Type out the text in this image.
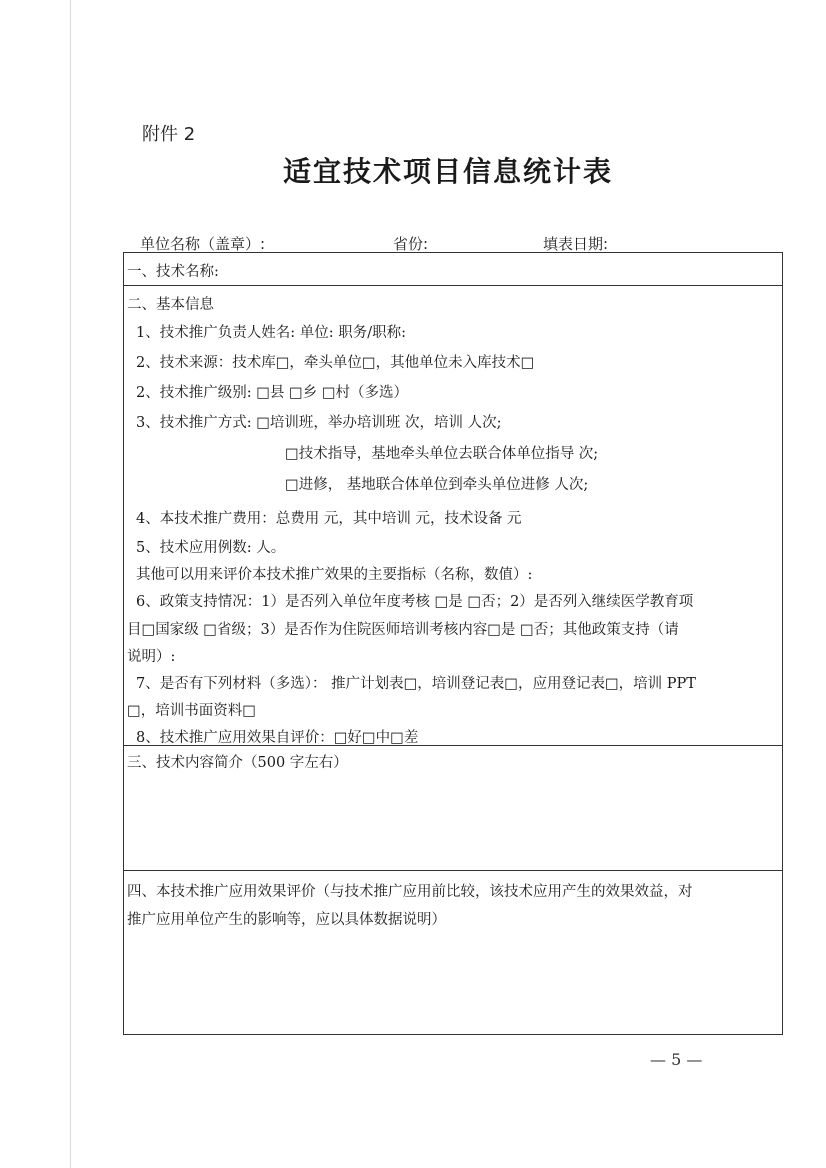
附件 2
适宜技术项目信息统计表
单位名称（盖章）:	省份:	填表日期:
一、技术名称:
二、基本信息
1、技术推广负责人姓名: 单位: 职务/职称:
2、技术来源：技术库□，牵头单位□，其他单位未入库技术□
2、技术推广级别: □县 □乡 □村（多选）
3、技术推广方式: □培训班，举办培训班 次，培训 人次;
□技术指导，基地牵头单位去联合体单位指导 次;
□进修， 基地联合体单位到牵头单位进修 人次;
4、本技术推广费用：总费用 元，其中培训 元，技术设备 元
5、技术应用例数: 人。
其他可以用来评价本技术推广效果的主要指标（名称，数值）:
6、政策支持情况：1）是否列入单位年度考核 □是 □否；2）是否列入继续医学教育项
目□国家级 □省级；3）是否作为住院医师培训考核内容□是 □否；其他政策支持（请
说明）:
7、是否有下列材料（多选）： 推广计划表□，培训登记表□，应用登记表□，培训 PPT
□，培训书面资料□
8、技术推广应用效果自评价：□好□中□差
三、技术内容简介（500 字左右）
四、本技术推广应用效果评价（与技术推广应用前比较，该技术应用产生的效果效益，对
推广应用单位产生的影响等，应以具体数据说明）
— 5 —
